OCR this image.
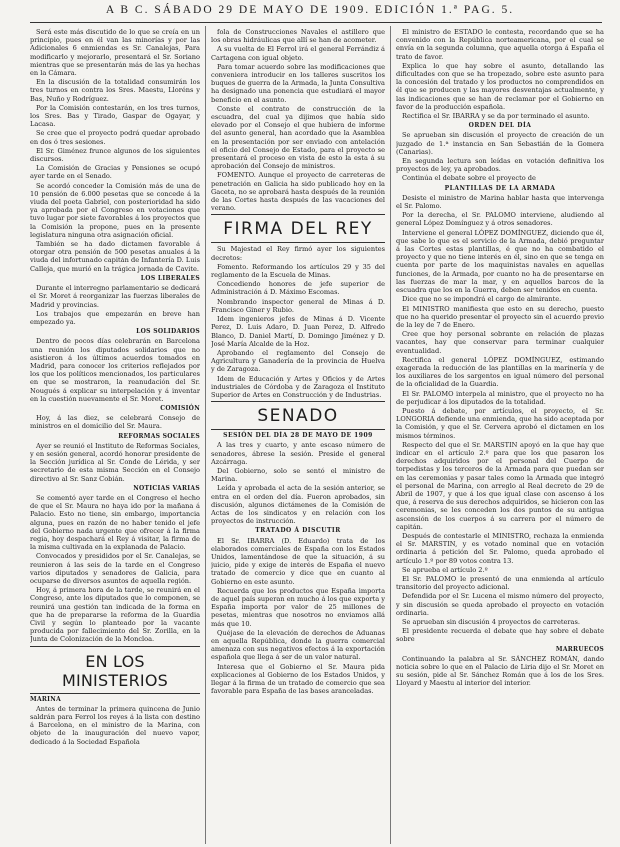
A B C. SÁBADO 29 DE MAYO DE 1909. EDICIÓN 1.ª PAG. 5.

Será este más discutido de lo que se creía en un principio, pues en él van las minorías y por las Adicionales 6 enmiendas es Sr. Canalejas, Para modificarlo y mejorarlo, presentará el Sr. Soriano mientras que se presentarán más de las ya hechas en la Cámara.

En la discusión de la totalidad consumirán los tres turnos en contra los Sres. Maestu, Lloréns y Bas, Nuño y Rodríguez.

Por la Comisión contestarán, en los tres turnos, los Sres. Bas y Tirado, Gaspar de Ogayar, y Lacasa.

Se cree que el proyecto podrá quedar aprobado en dos ó tres sesiones.

El Sr. Giménez frunce algunos de los siguientes discursos.

La Comisión de Gracias y Pensiones se ocupó ayer tarde en el Senado.

Se acordó conceder la Comisión más de una de 10 pensión de 6.000 pesetas que se concede á la viuda del poeta Gabriel, con posterioridad ha sido ya aprobada por el Congreso en votaciones que tuvo lugar por siete favorables á los proyectos que la Comisión la propone, pues en la presente legislatura ninguna otra asignación oficial.

También se ha dado dictamen favorable á otorgar otra pensión de 500 pesetas anuales á la viuda del infortunado capitán de Infantería D. Luis Calleja, que murió en la trágica jornada de Cavite.

LOS LIBERALES

Durante el interregno parlamentario se dedicará el Sr. Moret á reorganizar las fuerzas liberales de Madrid y provincias.

Los trabajos que empezarán en breve han empezado ya.

LOS SOLIDARIOS

Dentro de pocos días celebrarán en Barcelona una reunión los diputados solidarios que no asistieron á los últimos acuerdos tomados en Madrid, para conocer los criterios reflejados por los que los políticos mencionados, los particulares en que se mostraron, la reanudación del Sr. Nougués á explicar su interpelación y á inventar en la cuestión nuevamente el Sr. Moret.

COMISIÓN

Hoy, á las diez, se celebrará Consejo de ministros en el domicilio del Sr. Maura.

REFORMAS SOCIALES

Ayer se reunió el Instituto de Reformas Sociales, y en sesión general, acordó honorar presidente de la Sección jurídica al Sr. Conde de Lérida, y ser secretario de esta misma Sección en el Consejo directivo al Sr. Sanz Cobián.

NOTICIAS VARIAS

Se comentó ayer tarde en el Congreso el hecho de que el Sr. Maura no haya ido por la mañana á Palacio. Esto no tiene, sin embargo, importancia alguna, pues en razón de no haber tenido el jefe del Gobierno nada urgente que ofrecer á la firma regia, hoy despachará el Rey á visitar, la firma de la misma cultivada en la explanada de Palacio.

Convocados y presididos por el Sr. Canalejas, se reunieron á las seis de la tarde en el Congreso varios diputados y senadores de Galicia, para ocuparse de diversos asuntos de aquella región.

Hoy, á primera hora de la tarde, se reunirá en el Congreso, ante los diputados que lo componen, se reunirá una gestión tan indicada de la forma en que ha de prepararse la reforma de la Guardia Civil y según lo planteado por la vacante producida por fallecimiento del Sr. Zorilla, en la Junta de Colonización de la Moncloa.

EN LOS MINISTERIOS
MARINA

Antes de terminar la primera quincena de Junio saldrán para Ferrol los reyes á la lista con destino á Barcelona, en el ministro de la Marina, con objeto de la inauguración del nuevo vapor, dedicado á la Sociedad Española

fola de Construcciones Navales el astillero que los obras hidráulicas que allí se han de acometer.

A su vuelta de El Ferrol irá el general Ferrándiz á Cartagena con igual objeto.

Para tomar acuerdo sobre las modificaciones que conveniera introducir en los talleres suscritos los buques de guerra de la Armada, la Junta Consultiva ha designado una ponencia que estudiará el mayor beneficio en el asunto.

Conste el contrato de construcción de la escuadra, del cual ya dijimos que había sido elevado por el Consejo el que hubiera de informe del asunto general, han acordado que la Asamblea en la presentación por ser enviado con antelación el oficio del Consejo de Estado, para el proyecto se presentará el proceso en vista de esto la esta á su aprobación del Consejo de ministros.

FOMENTO. Aunque el proyecto de carreteras de penetración en Galicia ha sido publicado hoy en la Gaceta, no se aprobará hasta después de la reunión de las Cortes hasta después de las vacaciones del verano.

FIRMA DEL REY

Su Majestad el Rey firmó ayer los siguientes decretos:

Fomento. Reformando los artículos 29 y 35 del reglamento de la Escuela de Minas.

Concediendo honores de jefe superior de Administración á D. Máximo Escomas.

Nombrando inspector general de Minas á D. Francisco Giner y Rubio.

Idem ingenieros jefes de Minas á D. Vicente Perez, D. Luis Adaro, D. Juan Perez, D. Alfredo Blanco, D. Daniel Martí, D. Domingo Jiménez y D. José María Alcalde de la Hoz.

Aprobando el reglamento del Consejo de Agricultura y Ganadería de la provincia de Huelva y de Zaragoza.

Idem de Educación y Artes y Oficios y de Artes industriales de Córdoba y de Zaragoza el Instituto Superior de Artes en Construcción y de Industrias.

SENADO
SESIÓN DEL DÍA 28 DE MAYO DE 1909

A las tres y cuarto, y ante escaso número de senadores, ábrese la sesión. Preside el general Azcárraga.

Del Gobierno, solo se sentó el ministro de Marina.

Leída y aprobada el acta de la sesión anterior, se entra en el orden del día. Fueron aprobados, sin discusión, algunos dictámenes de la Comisión de Actas de los sindicatos y en relación con los proyectos de instrucción.

TRATADO Á DISCUTIR

El Sr. IBARRA (D. Eduardo) trata de los elaborados comerciales de España con los Estados Unidos, lamentándose de que la situación, á su juicio, pide y exige de interés de España el nuevo tratado de comercio y dice que en cuanto al Gobierno en este asunto.

Recuerda que los productos que España importa de aquel país superan en mucho á los que exporta y España importa por valor de 25 millones de pesetas, mientras que nosotros no enviamos allá más que 10.

Quéjase de la elevación de derechos de Aduanas en aquella República, donde la guerra comercial amenaza con sus negativos efectos á la exportación española que llega á ser de un valor natural.

Interesa que el Gobierno el Sr. Maura pida explicaciones al Gobierno de los Estados Unidos, y llegar á la firma de un tratado de comercio que sea favorable para España de las bases aranceladas.

El ministro de ESTADO le contesta, recordando que se ha convenido con la República norteamericana, por el cual se envía en la segunda columna, que aquella otorga á España el trato de favor.

Explica lo que hay sobre el asunto, detallando las dificultades con que se ha tropezado, sobre este asunto para la concesión del tratado y los productos no comprendidos en él que se producen y las mayores desventajas actualmente, y las indicaciones que se han de reclamar por el Gobierno en favor de la producción española.

Rectifica el Sr. IBARRA y se da por terminado el asunto.

ORDEN DEL DÍA

Se aprueban sin discusión el proyecto de creación de un juzgado de 1.ª instancia en San Sebastián de la Gomera (Canarias).

En segunda lectura son leídas en votación definitiva los proyectos de ley, ya aprobados.

Continúa el debate sobre el proyecto de

PLANTILLAS DE LA ARMADA

Desiste el ministro de Marina hablar hasta que intervenga el Sr. Palomo.

Por la derecha, el Sr. PALOMO interviene, aludiendo al general López Domínguez y á otros senadores.

Interviene el general LÓPEZ DOMÍNGUEZ, diciendo que él, que sabe lo que es el servicio de la Armada, debió preguntar á las Cortes estas plantillas, é que no ha combatido el proyecto y que no tiene interés en él, sino en que se tenga en cuenta por parte de los maquinistas navales en aquellas funciones, de la Armada, por cuanto no ha de presentarse en las fuerzas de mar la mar, y en aquellos barcos de la escuadra que los en la Guerra, deben ser tenidos en cuenta.

Dice que no se impondrá el cargo de almirante.

El MINISTRO manifiesta que esto en su derecho, puesto que no ha querido presentar el proyecto sin el acuerdo previo de la ley de 7 de Enero.

Cree que hoy personal sobrante en relación de plazas vacantes, hay que conservar para terminar cualquier eventualidad.

Rectifica el general LÓPEZ DOMÍNGUEZ, estimando exagerada la reducción de las plantillas en la marinería y de los auxiliares de los sargentos en igual número del personal de la oficialidad de la Guardia.

El Sr. PALOMO interpela al ministro, que el proyecto no ha de perjudicar á los diputados de la totalidad.

Puesto á debate, por artículos, el proyecto, el Sr. LONGORIA defiende una enmienda, que ha sido aceptada por la Comisión, y que el Sr. Cervera aprobó el dictamen en los mismos términos.

Respecto del que el Sr. MARSTIN apoyó en la que hay que indicar en el artículo 2.º para que los que pasaron los derechos adquiridos por el personal del Cuerpo de torpedistas y los terceros de la Armada para que puedan ser en las ceremonias y pasar tales como la Armada que integró el personal de Marina, con arreglo al Real decreto de 29 de Abril de 1907, y que á los que igual clase con ascenso á los que, á reserva de sus derechos adquiridos, se hicieron con las ceremonias, se les conceden los dos puntos de su antigua ascensión de los cuerpos á su carrera por el número de capitán.

Después de contestarle el MINISTRO, rechaza la enmienda el Sr. MARSTIN, y es votado nominal que en votación ordinaria á petición del Sr. Palomo, queda aprobado el artículo 1.º por 89 votos contra 13.

Se aprueba el artículo 2.º

El Sr. PALOMO le presentó de una enmienda al artículo transitorio del proyecto adicional.

Defendida por el Sr. Lucena el mismo número del proyecto, y sin discusión se queda aprobado el proyecto en votación ordinaria.

Se aprueban sin discusión 4 proyectos de carreteras.

El presidente recuerda el debate que hay sobre el debate sobre

MARRUECOS

Continuando la palabra al Sr. SÁNCHEZ ROMÁN, dando noticia sobre lo que en el Palacio de Liria dijo el Sr. Moret en su sesión, pide al Sr. Sánchez Román que á los de los Sres. Lloyard y Maestu al interior del interior.
